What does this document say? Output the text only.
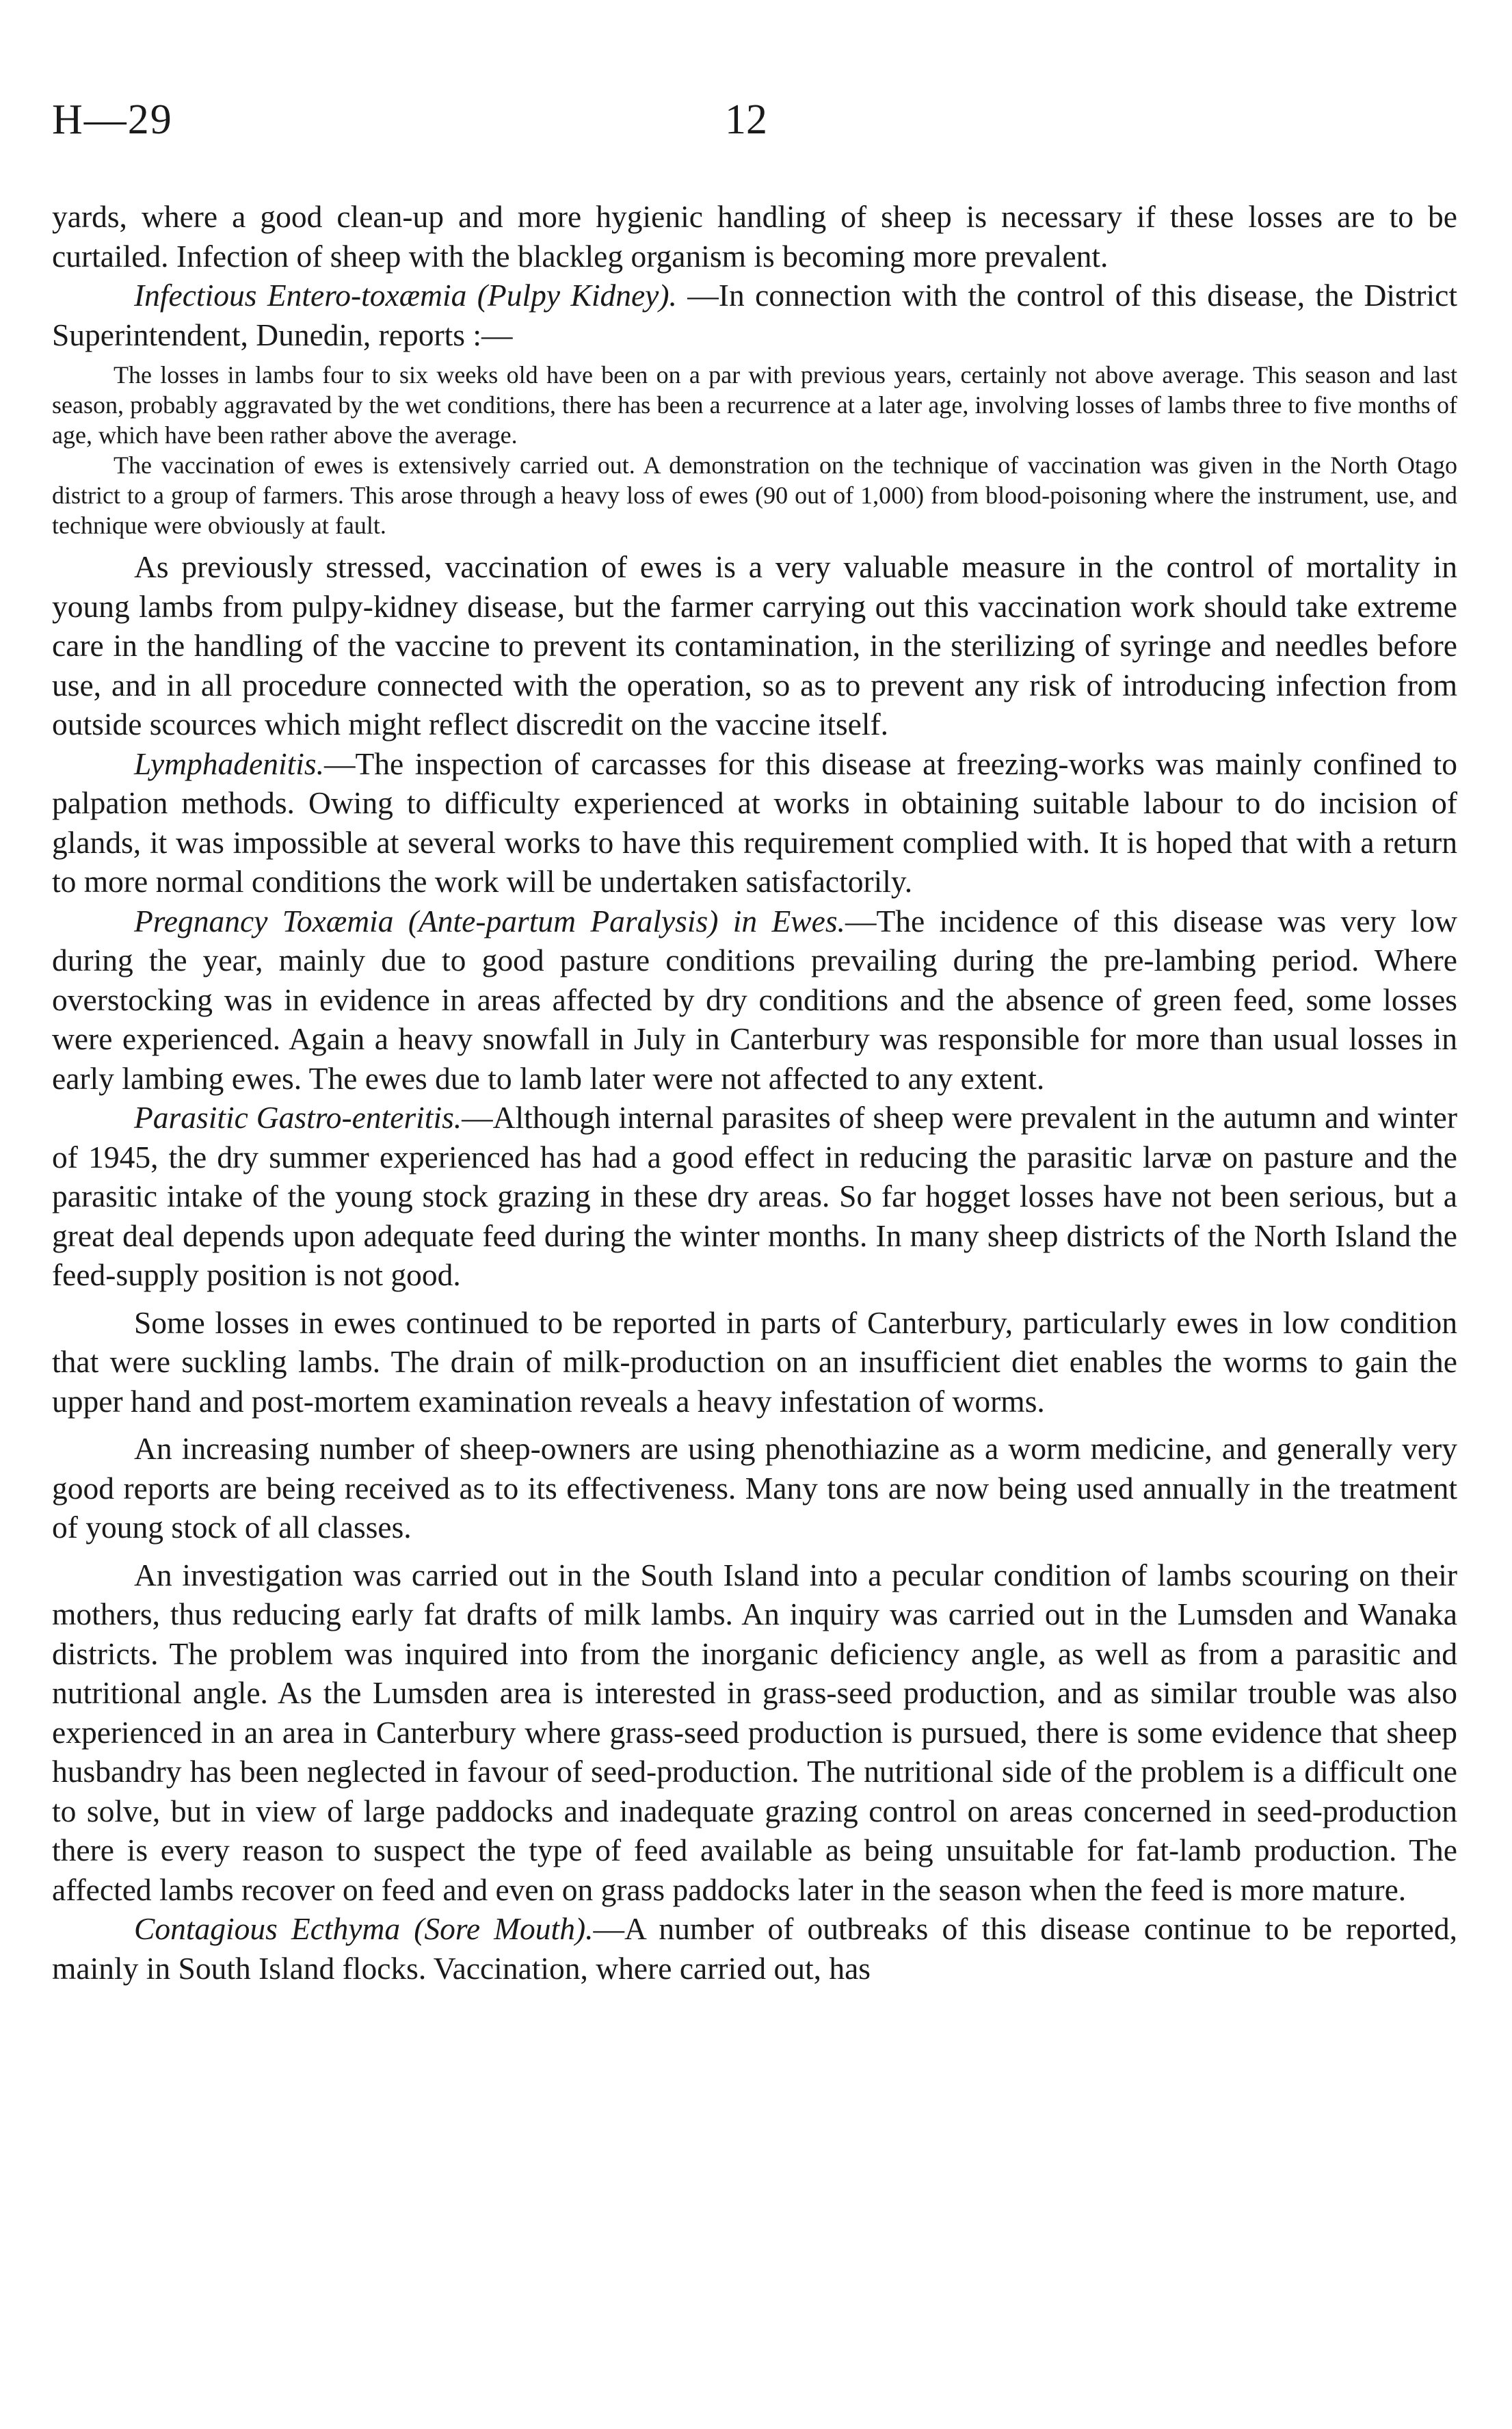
H—29	12

yards, where a good clean-up and more hygienic handling of sheep is necessary if these losses are to be curtailed. Infection of sheep with the blackleg organism is becoming more prevalent.

Infectious Entero-toxæmia (Pulpy Kidney). —In connection with the control of this disease, the District Superintendent, Dunedin, reports :—

The losses in lambs four to six weeks old have been on a par with previous years, certainly not above average. This season and last season, probably aggravated by the wet conditions, there has been a recurrence at a later age, involving losses of lambs three to five months of age, which have been rather above the average.

The vaccination of ewes is extensively carried out. A demonstration on the technique of vaccination was given in the North Otago district to a group of farmers. This arose through a heavy loss of ewes (90 out of 1,000) from blood-poisoning where the instrument, use, and technique were obviously at fault.

As previously stressed, vaccination of ewes is a very valuable measure in the control of mortality in young lambs from pulpy-kidney disease, but the farmer carrying out this vaccination work should take extreme care in the handling of the vaccine to prevent its contamination, in the sterilizing of syringe and needles before use, and in all procedure connected with the operation, so as to prevent any risk of introducing infection from outside scources which might reflect discredit on the vaccine itself.

Lymphadenitis.—The inspection of carcasses for this disease at freezing-works was mainly confined to palpation methods. Owing to difficulty experienced at works in obtaining suitable labour to do incision of glands, it was impossible at several works to have this requirement complied with. It is hoped that with a return to more normal conditions the work will be undertaken satisfactorily.

Pregnancy Toxæmia (Ante-partum Paralysis) in Ewes.—The incidence of this disease was very low during the year, mainly due to good pasture conditions prevailing during the pre-lambing period. Where overstocking was in evidence in areas affected by dry conditions and the absence of green feed, some losses were experienced. Again a heavy snowfall in July in Canterbury was responsible for more than usual losses in early lambing ewes. The ewes due to lamb later were not affected to any extent.

Parasitic Gastro-enteritis.—Although internal parasites of sheep were prevalent in the autumn and winter of 1945, the dry summer experienced has had a good effect in reducing the parasitic larvæ on pasture and the parasitic intake of the young stock grazing in these dry areas. So far hogget losses have not been serious, but a great deal depends upon adequate feed during the winter months. In many sheep districts of the North Island the feed-supply position is not good.

Some losses in ewes continued to be reported in parts of Canterbury, particularly ewes in low condition that were suckling lambs. The drain of milk-production on an insufficient diet enables the worms to gain the upper hand and post-mortem examination reveals a heavy infestation of worms.

An increasing number of sheep-owners are using phenothiazine as a worm medicine, and generally very good reports are being received as to its effectiveness. Many tons are now being used annually in the treatment of young stock of all classes.

An investigation was carried out in the South Island into a pecular condition of lambs scouring on their mothers, thus reducing early fat drafts of milk lambs. An inquiry was carried out in the Lumsden and Wanaka districts. The problem was inquired into from the inorganic deficiency angle, as well as from a parasitic and nutritional angle. As the Lumsden area is interested in grass-seed production, and as similar trouble was also experienced in an area in Canterbury where grass-seed production is pursued, there is some evidence that sheep husbandry has been neglected in favour of seed-production. The nutritional side of the problem is a difficult one to solve, but in view of large paddocks and inadequate grazing control on areas concerned in seed-production there is every reason to suspect the type of feed available as being unsuitable for fat-lamb production. The affected lambs recover on feed and even on grass paddocks later in the season when the feed is more mature.

Contagious Ecthyma (Sore Mouth).—A number of outbreaks of this disease continue to be reported, mainly in South Island flocks. Vaccination, where carried out, has
